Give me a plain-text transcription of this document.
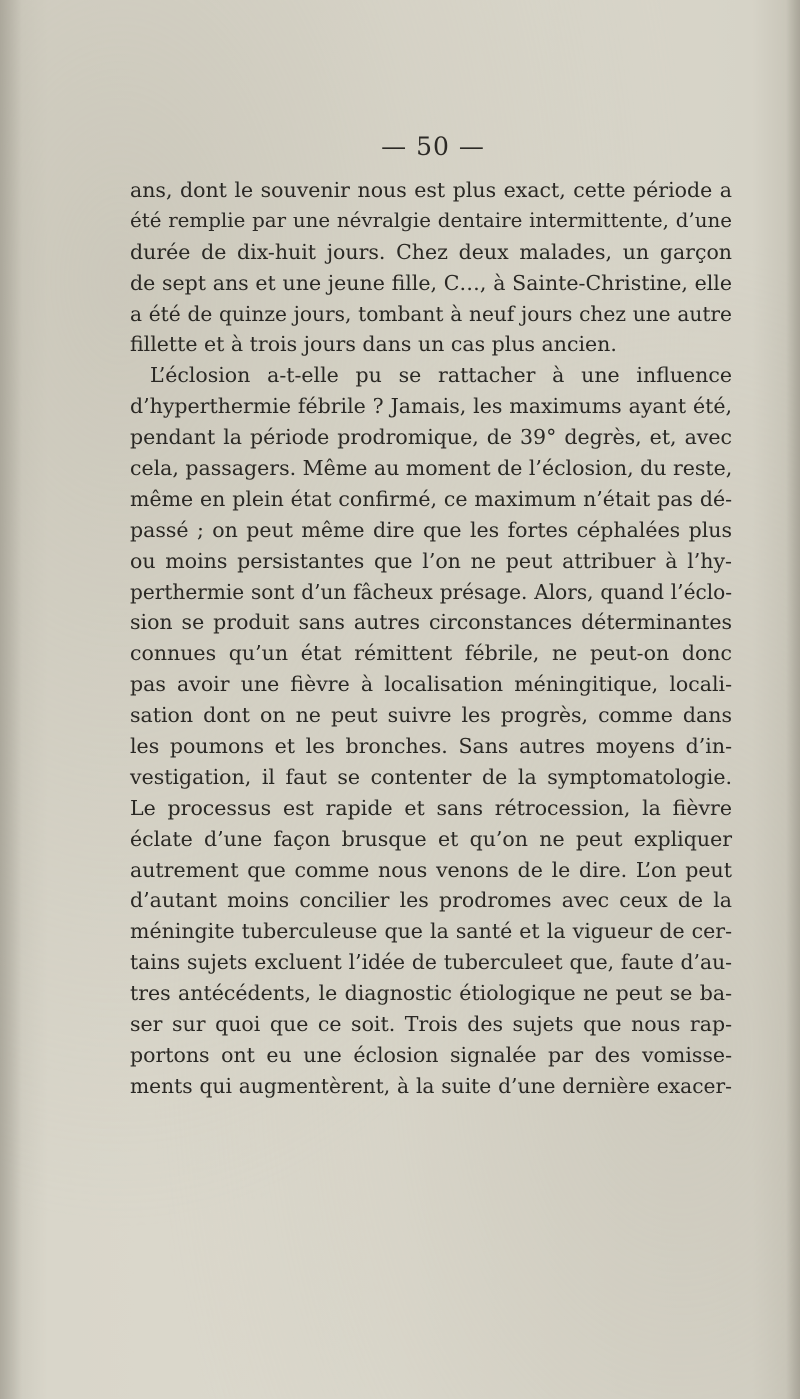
— 50 —
ans, dont le souvenir nous est plus exact, cette période a
été remplie par une névralgie dentaire intermittente, d’une
durée de dix-huit jours. Chez deux malades, un garçon
de sept ans et une jeune fille, C…, à Sainte-Christine, elle
a été de quinze jours, tombant à neuf jours chez une autre
fillette et à trois jours dans un cas plus ancien.
L’éclosion a-t-elle pu se rattacher à une influence
d’hyperthermie fébrile ? Jamais, les maximums ayant été,
pendant la période prodromique, de 39° degrès, et, avec
cela, passagers. Même au moment de l’éclosion, du reste,
même en plein état confirmé, ce maximum n’était pas dé-
passé ; on peut même dire que les fortes céphalées plus
ou moins persistantes que l’on ne peut attribuer à l’hy-
perthermie sont d’un fâcheux présage. Alors, quand l’éclo-
sion se produit sans autres circonstances déterminantes
connues qu’un état rémittent fébrile, ne peut-on donc
pas avoir une fièvre à localisation méningitique, locali-
sation dont on ne peut suivre les progrès, comme dans
les poumons et les bronches. Sans autres moyens d’in-
vestigation, il faut se contenter de la symptomatologie.
Le processus est rapide et sans rétrocession, la fièvre
éclate d’une façon brusque et qu’on ne peut expliquer
autrement que comme nous venons de le dire. L’on peut
d’autant moins concilier les prodromes avec ceux de la
méningite tuberculeuse que la santé et la vigueur de cer-
tains sujets excluent l’idée de tuberculeet que, faute d’au-
tres antécédents, le diagnostic étiologique ne peut se ba-
ser sur quoi que ce soit. Trois des sujets que nous rap-
portons ont eu une éclosion signalée par des vomisse-
ments qui augmentèrent, à la suite d’une dernière exacer-
